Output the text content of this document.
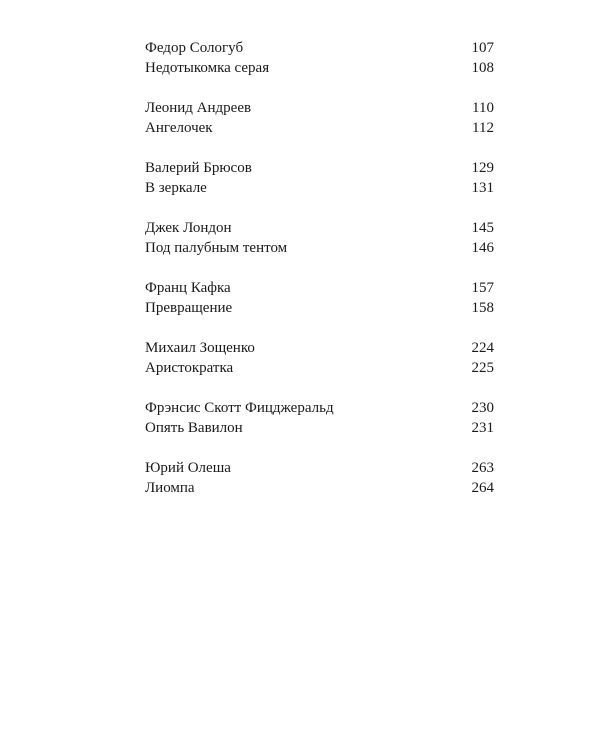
Федор Сологуб	107
Недотыкомка серая	108
Леонид Андреев	110
Ангелочек	112
Валерий Брюсов	129
В зеркале	131
Джек Лондон	145
Под палубным тентом	146
Франц Кафка	157
Превращение	158
Михаил Зощенко	224
Аристократка	225
Фрэнсис Скотт Фицджеральд	230
Опять Вавилон	231
Юрий Олеша	263
Лиомпа	264
